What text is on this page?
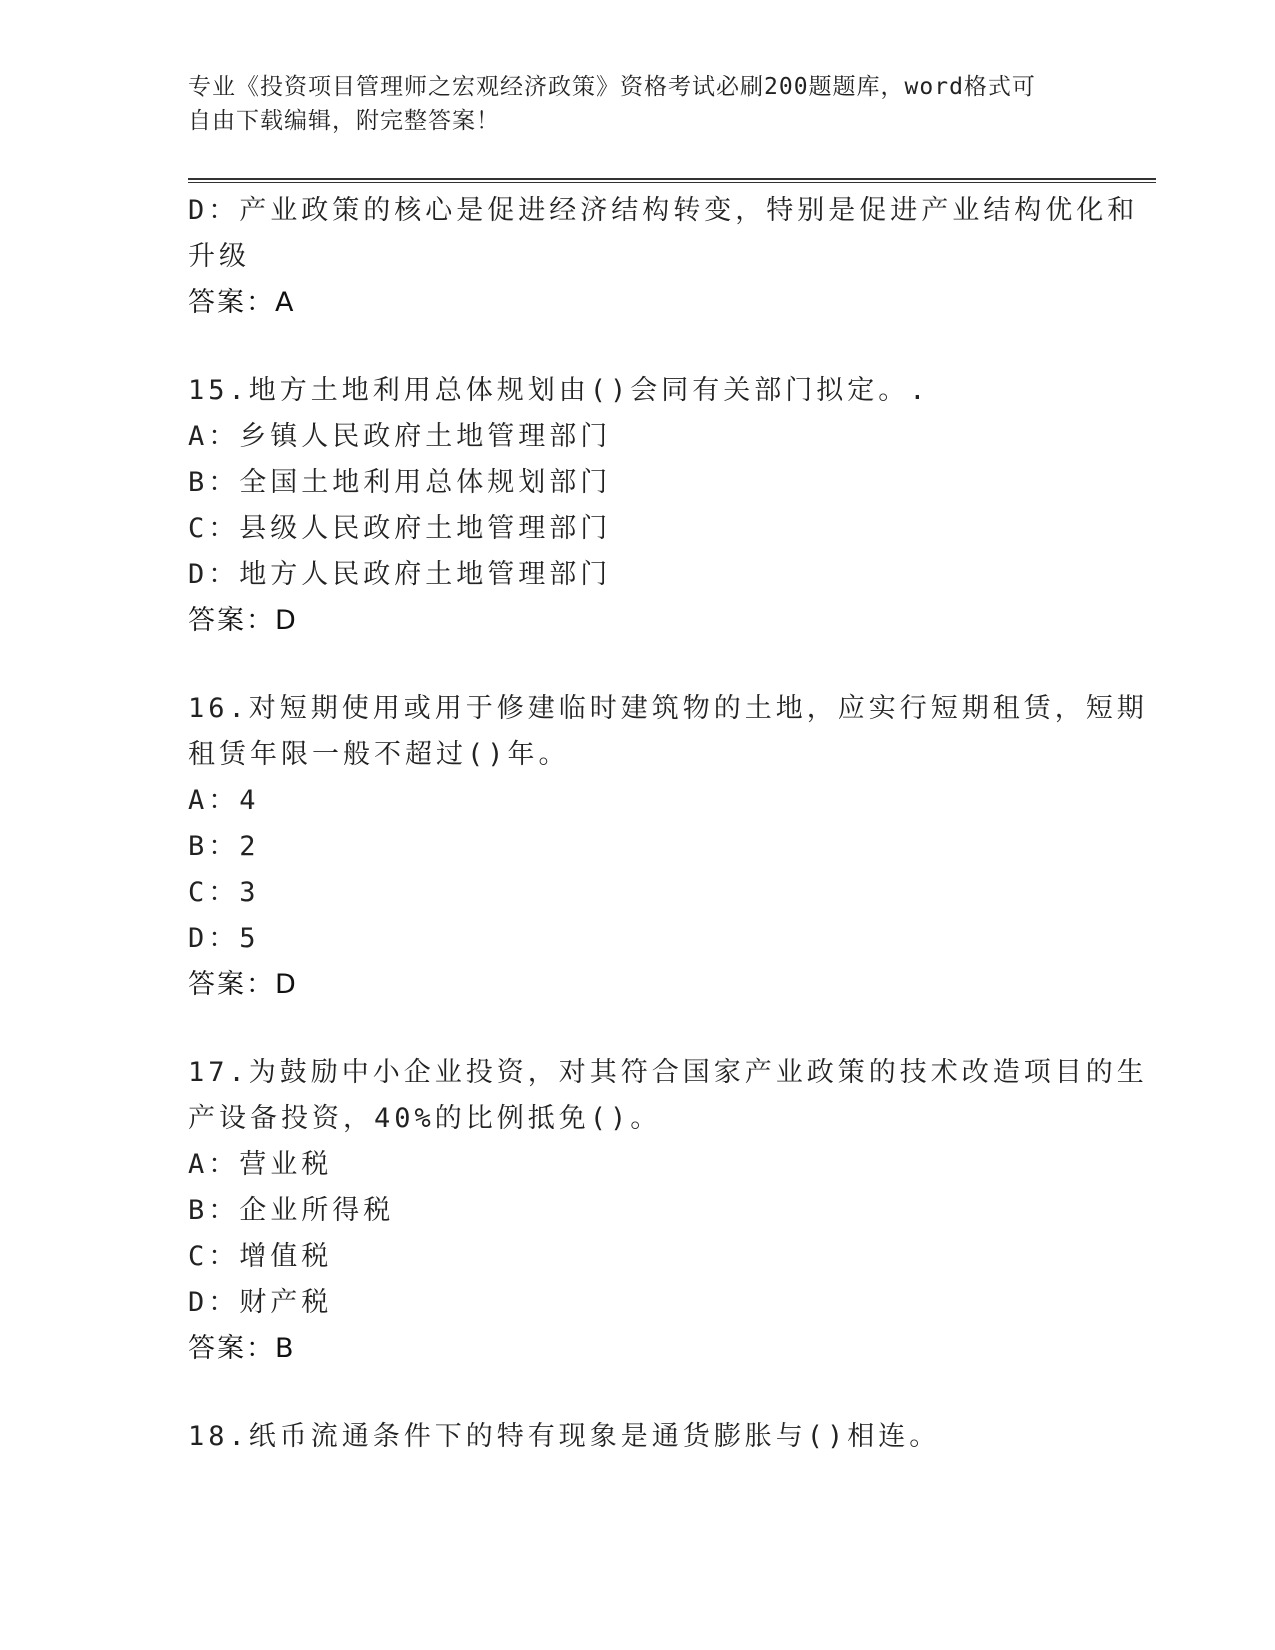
专业《投资项目管理师之宏观经济政策》资格考试必刷200题题库，word格式可
自由下载编辑，附完整答案！
D：产业政策的核心是促进经济结构转变，特别是促进产业结构优化和
升级
答案：A
15.地方土地利用总体规划由()会同有关部门拟定。.
A：乡镇人民政府土地管理部门
B：全国土地利用总体规划部门
C：县级人民政府土地管理部门
D：地方人民政府土地管理部门
答案：D
16.对短期使用或用于修建临时建筑物的土地，应实行短期租赁，短期
租赁年限一般不超过()年。
A：4
B：2
C：3
D：5
答案：D
17.为鼓励中小企业投资，对其符合国家产业政策的技术改造项目的生
产设备投资，40%的比例抵免()。
A：营业税
B：企业所得税
C：增值税
D：财产税
答案：B
18.纸币流通条件下的特有现象是通货膨胀与()相连。
